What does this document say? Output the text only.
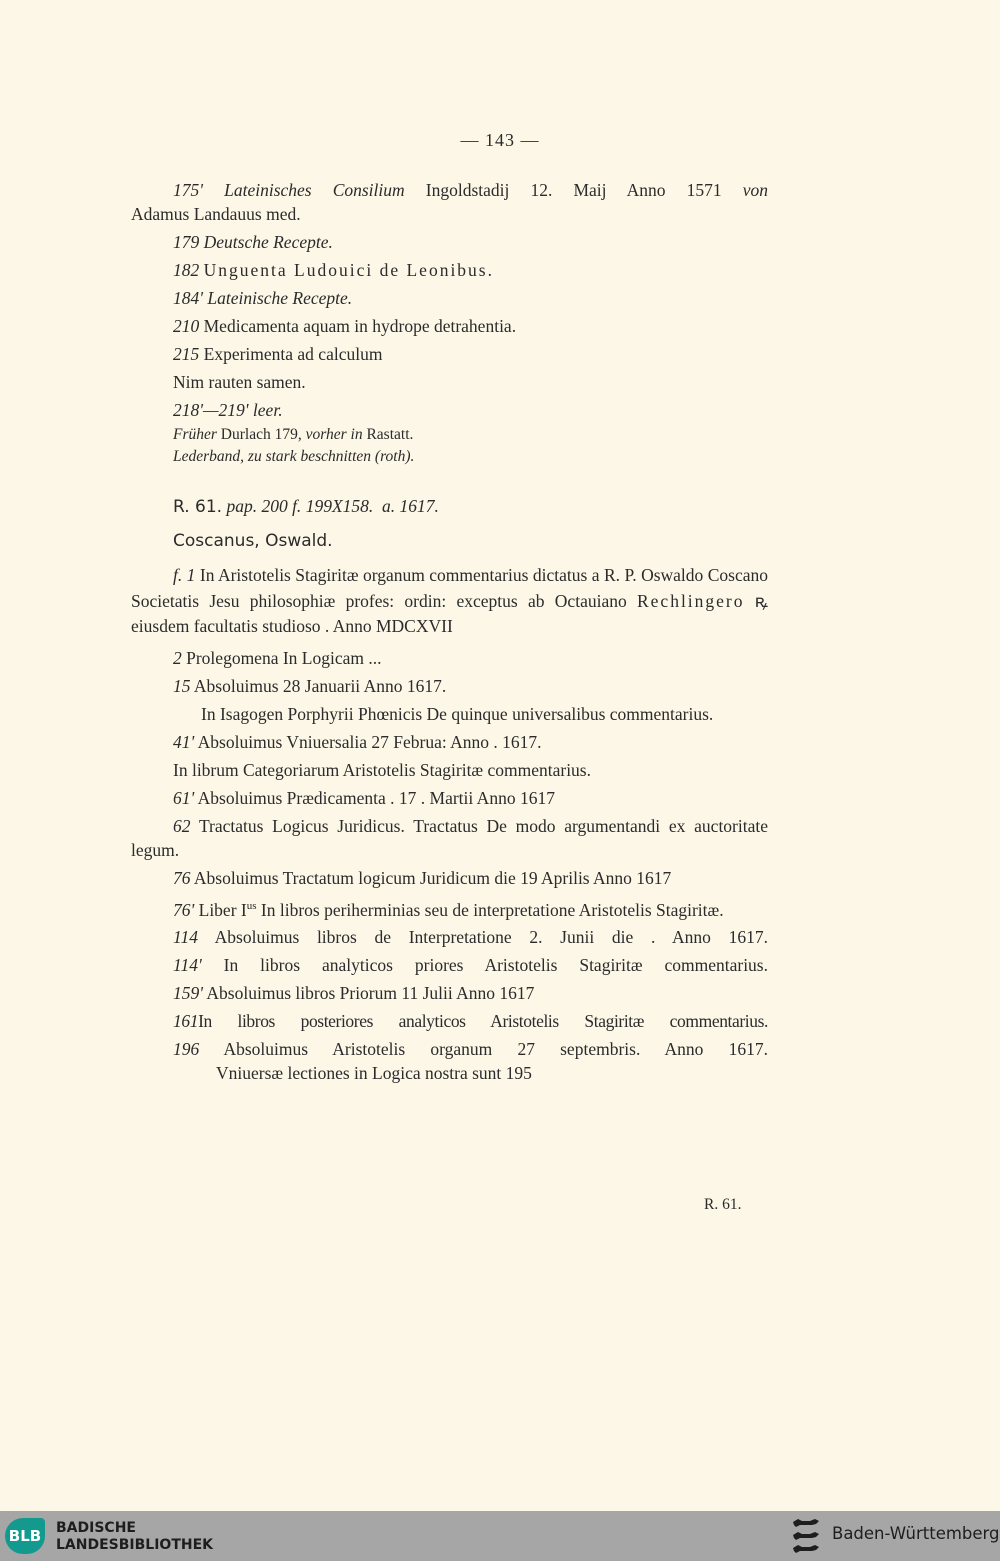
— 143 —

175' Lateinisches Consilium Ingoldstadij 12. Maij Anno 1571 von

Adamus Landauus med.

179 Deutsche Recepte.

182 Unguenta Ludouici de Leonibus.

184' Lateinische Recepte.

210 Medicamenta aquam in hydrope detrahentia.

215 Experimenta ad calculum

Nim rauten samen.

218'—219' leer.

Früher Durlach 179, vorher in Rastatt.

Lederband, zu stark beschnitten (roth).

R. 61. pap. 200 f. 199X158. a. 1617.

Coscanus, Oswald.

f. 1 In Aristotelis Stagiritæ organum commentarius dictatus a R. P. Oswaldo Coscano Societatis Jesu philosophiæ profes: ordin: exceptus ab Octauiano Rechlingero ꝶ eiusdem facultatis studioso . Anno MDCXVII

2 Prolegomena In Logicam ...

15 Absoluimus 28 Januarii Anno 1617.

In Isagogen Porphyrii Phœnicis De quinque universalibus commentarius.

41' Absoluimus Vniuersalia 27 Februa: Anno . 1617.

In librum Categoriarum Aristotelis Stagiritæ commentarius.

61' Absoluimus Prædicamenta . 17 . Martii Anno 1617

62 Tractatus Logicus Juridicus. Tractatus De modo argumentandi ex auctoritate legum.

76 Absoluimus Tractatum logicum Juridicum die 19 Aprilis Anno 1617

76' Liber $I^{us}$ In libros periherminias seu de interpretatione Aristotelis Stagiritæ.

114 Absoluimus libros de Interpretatione 2. Junii die . Anno 1617.

114' In libros analyticos priores Aristotelis Stagiritæ commentarius.

159' Absoluimus libros Priorum 11 Julii Anno 1617

161In libros posteriores analyticos Aristotelis Stagiritæ commentarius.

196 Absoluimus Aristotelis organum 27 septembris. Anno 1617.

Vniuersæ lectiones in Logica nostra sunt 195

R. 61.
BLB BADISCHE
LANDESBIBLIOTHEK
Baden-Württemberg
